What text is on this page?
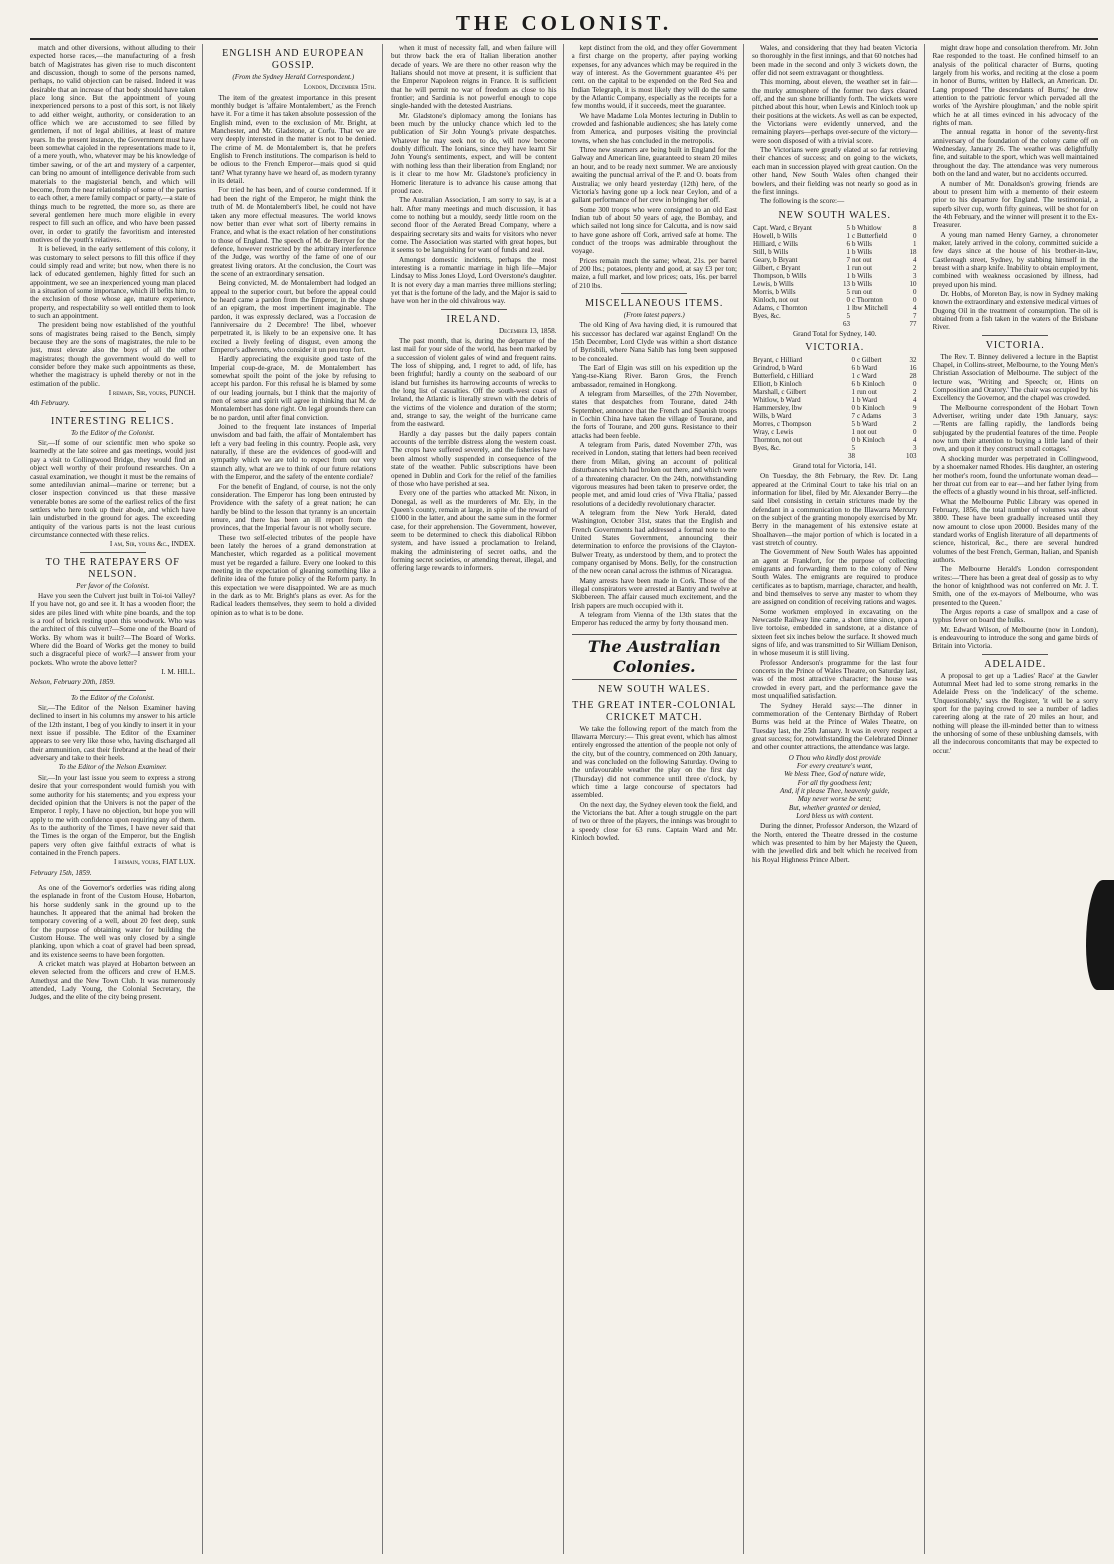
THE COLONIST.

match and other diversions, without alluding to their expected horse races,—the manufacturing of a fresh batch of Magistrates has given rise to much discontent and discussion, though to some of the persons named, perhaps, no valid objection can be raised. Indeed it was desirable that an increase of that body should have taken place long since. But the appointment of young inexperienced persons to a post of this sort, is not likely to add either weight, authority, or consideration to an office which we are accustomed to see filled by gentlemen, if not of legal abilities, at least of mature years. In the present instance, the Government must have been somewhat cajoled in the representations made to it, of a mere youth, who, whatever may be his knowledge of timber sawing, or of the art and mystery of a carpenter, can bring no amount of intelligence derivable from such materials to the magisterial bench, and which will become, from the near relationship of some of the parties to each other, a mere family compact or party,—a state of things much to be regretted, the more so, as there are several gentlemen here much more eligible in every respect to fill such an office, and who have been passed over, in order to gratify the favoritism and interested motives of the youth's relatives.

It is believed, in the early settlement of this colony, it was customary to select persons to fill this office if they could simply read and write; but now, when there is no lack of educated gentlemen, highly fitted for such an appointment, we see an inexperienced young man placed in a situation of some importance, which ill befits him, to the exclusion of those whose age, mature experience, property, and respectability so well entitled them to look to such an appointment.

The president being now established of the youthful sons of magistrates being raised to the Bench, simply because they are the sons of magistrates, the rule to be just, must elevate also the boys of all the other magistrates; though the government would do well to consider before they make such appointments as these, whether the magistracy is upheld thereby or not in the estimation of the public.

I remain, Sir, yours, PUNCH.
4th February.
INTERESTING RELICS.
To the Editor of the Colonist.

Sir,—If some of our scientific men who spoke so learnedly at the late soiree and gas meetings, would just pay a visit to Collingwood Bridge, they would find an object well worthy of their profound researches. On a casual examination, we thought it must be the remains of some antediluvian animal—marine or terrene; but a closer inspection convinced us that these massive venerable bones are some of the earliest relics of the first settlers who here took up their abode, and which have lain undisturbed in the ground for ages. The exceeding antiquity of the various parts is not the least curious circumstance connected with these relics.

I am, Sir, yours &c., INDEX.
TO THE RATEPAYERS OF NELSON.
Per favor of the Colonist.

Have you seen the Culvert just built in Toi-toi Valley? If you have not, go and see it. It has a wooden floor; the sides are piles lined with white pine boards, and the top is a roof of brick resting upon this woodwork. Who was the architect of this culvert?—Some one of the Board of Works. By whom was it built?—The Board of Works. Where did the Board of Works get the money to build such a disgraceful piece of work?—I answer from your pockets. Who wrote the above letter?

I. M. HILL.
Nelson, February 20th, 1859.
To the Editor of the Colonist.

Sir,—The Editor of the Nelson Examiner having declined to insert in his columns my answer to his article of the 12th instant, I beg of you kindly to insert it in your next issue if possible. The Editor of the Examiner appears to see very like those who, having discharged all their ammunition, cast their firebrand at the head of their adversary and take to their heels.

To the Editor of the Nelson Examiner.

Sir,—In your last issue you seem to express a strong desire that your correspondent would furnish you with some authority for his statements; and you express your decided opinion that the Univers is not the paper of the Emperor. I reply, I have no objection, but hope you will apply to me with confidence upon requiring any of them. As to the authority of the Times, I have never said that the Times is the organ of the Emperor, but the English papers very often give faithful extracts of what is contained in the French papers.

I remain, yours, FIAT LUX.
February 15th, 1859.

As one of the Governor's orderlies was riding along the esplanade in front of the Custom House, Hobarton, his horse suddenly sank in the ground up to the haunches. It appeared that the animal had broken the temporary covering of a well, about 20 feet deep, sunk for the purpose of obtaining water for building the Custom House. The well was only closed by a single planking, upon which a coat of gravel had been spread, and its existence seems to have been forgotten.

A cricket match was played at Hobarton between an eleven selected from the officers and crew of H.M.S. Amethyst and the New Town Club. It was numerously attended, Lady Young, the Colonial Secretary, the Judges, and the elite of the city being present.

ENGLISH AND EUROPEAN GOSSIP.
(From the Sydney Herald Correspondent.)
London, December 15th.

The item of the greatest importance in this present monthly budget is 'affaire Montalembert,' as the French have it. For a time it has taken absolute possession of the English mind, even to the exclusion of Mr. Bright, at Manchester, and Mr. Gladstone, at Corfu. That we are very deeply interested in the matter is not to be denied. The crime of M. de Montalembert is, that he prefers English to French institutions. The comparison is held to be odious to the French Emperor—mais quod si quid tant? What tyranny have we heard of, as modern tyranny in its detail.

For tried he has been, and of course condemned. If it had been the right of the Emperor, he might think the truth of M. de Montalembert's libel, he could not have taken any more effectual measures. The world knows now better than ever what sort of liberty remains in France, and what is the exact relation of her constitutions to those of England. The speech of M. de Berryer for the defence, however restricted by the arbitrary interference of the Judge, was worthy of the fame of one of our greatest living orators. At the conclusion, the Court was the scene of an extraordinary sensation.

Being convicted, M. de Montalembert had lodged an appeal to the superior court, but before the appeal could be heard came a pardon from the Emperor, in the shape of an epigram, the most impertinent imaginable. The pardon, it was expressly declared, was a l'occasion de l'anniversaire du 2 Decembre! The libel, whoever perpetrated it, is likely to be an expensive one. It has excited a lively feeling of disgust, even among the Emperor's adherents, who consider it un peu trop fort.

Hardly appreciating the exquisite good taste of the Imperial coup-de-grace, M. de Montalembert has somewhat spoilt the point of the joke by refusing to accept his pardon. For this refusal he is blamed by some of our leading journals, but I think that the majority of men of sense and spirit will agree in thinking that M. de Montalembert has done right. On legal grounds there can be no pardon, until after final conviction.

Joined to the frequent late instances of Imperial unwisdom and bad faith, the affair of Montalembert has left a very bad feeling in this country. People ask, very naturally, if these are the evidences of good-will and sympathy which we are told to expect from our very staunch ally, what are we to think of our future relations with the Emperor, and the safety of the entente cordiale?

For the benefit of England, of course, is not the only consideration. The Emperor has long been entrusted by Providence with the safety of a great nation; he can hardly be blind to the lesson that tyranny is an uncertain tenure, and there has been an ill report from the provinces, that the Imperial favour is not wholly secure.

These two self-elected tributes of the people have been lately the heroes of a grand demonstration at Manchester, which regarded as a political movement must yet be regarded a failure. Every one looked to this meeting in the expectation of gleaning something like a definite idea of the future policy of the Reform party. In this expectation we were disappointed. We are as much in the dark as to Mr. Bright's plans as ever. As for the Radical leaders themselves, they seem to hold a divided opinion as to what is to be done.

when it must of necessity fall, and when failure will but throw back the era of Italian liberation another decade of years. We are there no other reason why the Italians should not move at present, it is sufficient that the Emperor Napoleon reigns in France. It is sufficient that he will permit no war of freedom as close to his frontier; and Sardinia is not powerful enough to cope single-handed with the detested Austrians.

Mr. Gladstone's diplomacy among the Ionians has been much by the unlucky chance which led to the publication of Sir John Young's private despatches. Whatever he may seek not to do, will now become doubly difficult. The Ionians, since they have learnt Sir John Young's sentiments, expect, and will be content with nothing less than their liberation from England; nor is it clear to me how Mr. Gladstone's proficiency in Homeric literature is to advance his cause among that proud race.

The Australian Association, I am sorry to say, is at a halt. After many meetings and much discussion, it has come to nothing but a mouldy, seedy little room on the second floor of the Aerated Bread Company, where a despairing secretary sits and waits for visitors who never come. The Association was started with great hopes, but it seems to be languishing for want of funds and zeal.

Amongst domestic incidents, perhaps the most interesting is a romantic marriage in high life—Major Lindsay to Miss Jones Lloyd, Lord Overstone's daughter. It is not every day a man marries three millions sterling; yet that is the fortune of the lady, and the Major is said to have won her in the old chivalrous way.

IRELAND.
December 13, 1858.

The past month, that is, during the departure of the last mail for your side of the world, has been marked by a succession of violent gales of wind and frequent rains. The loss of shipping, and, I regret to add, of life, has been frightful; hardly a county on the seaboard of our island but furnishes its harrowing accounts of wrecks to the long list of casualties. Off the south-west coast of Ireland, the Atlantic is literally strewn with the debris of the victims of the violence and duration of the storm; and, strange to say, the weight of the hurricane came from the eastward.

Hardly a day passes but the daily papers contain accounts of the terrible distress along the western coast. The crops have suffered severely, and the fisheries have been almost wholly suspended in consequence of the state of the weather. Public subscriptions have been opened in Dublin and Cork for the relief of the families of those who have perished at sea.

Every one of the parties who attacked Mr. Nixon, in Donegal, as well as the murderers of Mr. Ely, in the Queen's county, remain at large, in spite of the reward of £1000 in the latter, and about the same sum in the former case, for their apprehension. The Government, however, seem to be determined to check this diabolical Ribbon system, and have issued a proclamation to Ireland, making the administering of secret oaths, and the forming secret societies, or attending thereat, illegal, and offering large rewards to informers.

kept distinct from the old, and they offer Government a first charge on the property, after paying working expenses, for any advances which may be required in the way of interest. As the Government guarantee 4½ per cent. on the capital to be expended on the Red Sea and Indian Telegraph, it is most likely they will do the same by the Atlantic Company, especially as the receipts for a few months would, if it succeeds, meet the guarantee.

We have Madame Lola Montes lecturing in Dublin to crowded and fashionable audiences; she has lately come from America, and purposes visiting the provincial towns, when she has concluded in the metropolis.

Three new steamers are being built in England for the Galway and American line, guaranteed to steam 20 miles an hour, and to be ready next summer. We are anxiously awaiting the punctual arrival of the P. and O. boats from Australia; we only heard yesterday (12th) here, of the Victoria's having gone up a lock near Ceylon, and of a gallant performance of her crew in bringing her off.

Some 300 troops who were consigned to an old East Indian tub of about 50 years of age, the Bombay, and which sailed not long since for Calcutta, and is now said to have gone ashore off Cork, arrived safe at home. The conduct of the troops was admirable throughout the voyage.

Prices remain much the same; wheat, 21s. per barrel of 200 lbs.; potatoes, plenty and good, at say £3 per ton; maize, a full market, and low prices; oats, 16s. per barrel of 210 lbs.

MISCELLANEOUS ITEMS.
(From latest papers.)

The old King of Ava having died, it is rumoured that his successor has declared war against England! On the 15th December, Lord Clyde was within a short distance of Byrisbili, where Nana Sahib has long been supposed to be concealed.

The Earl of Elgin was still on his expedition up the Yang-tse-Kiang River. Baron Gros, the French ambassador, remained in Hongkong.

A telegram from Marseilles, of the 27th November, states that despatches from Tourane, dated 24th September, announce that the French and Spanish troops in Cochin China have taken the village of Tourane, and the forts of Tourane, and 200 guns. Resistance to their attacks had been feeble.

A telegram from Paris, dated November 27th, was received in London, stating that letters had been received there from Milan, giving an account of political disturbances which had broken out there, and which were of a threatening character. On the 24th, notwithstanding vigorous measures had been taken to preserve order, the people met, and amid loud cries of 'Viva l'Italia,' passed resolutions of a decidedly revolutionary character.

A telegram from the New York Herald, dated Washington, October 31st, states that the English and French Governments had addressed a formal note to the United States Government, announcing their determination to enforce the provisions of the Clayton-Bulwer Treaty, as understood by them, and to protect the company organised by Mons. Belly, for the construction of the new ocean canal across the isthmus of Nicaragua.

Many arrests have been made in Cork. Those of the illegal conspirators were arrested at Bantry and twelve at Skibbereen. The affair caused much excitement, and the Irish papers are much occupied with it.

A telegram from Vienna of the 13th states that the Emperor has reduced the army by forty thousand men.

The Australian Colonies.
NEW SOUTH WALES.
THE GREAT INTER-COLONIAL CRICKET MATCH.

We take the following report of the match from the Illawarra Mercury:— This great event, which has almost entirely engrossed the attention of the people not only of the city, but of the country, commenced on 20th January, and was concluded on the following Saturday. Owing to the unfavourable weather the play on the first day (Thursday) did not commence until three o'clock, by which time a large concourse of spectators had assembled.

On the next day, the Sydney eleven took the field, and the Victorians the bat. After a tough struggle on the part of two or three of the players, the innings was brought to a speedy close for 63 runs. Captain Ward and Mr. Kinloch bowled.

Wales, and considering that they had beaten Victoria so thoroughly in the first innings, and that 60 notches had been made in the second and only 3 wickets down, the offer did not seem extravagant or thoughtless.

This morning, about eleven, the weather set in fair—the murky atmosphere of the former two days cleared off, and the sun shone brilliantly forth. The wickets were pitched about this hour, when Lewis and Kinloch took up their positions at the wickets. As well as can be expected, the Victorians were evidently unnerved, and the remaining players—perhaps over-secure of the victory—were soon disposed of with a trivial score.

The Victorians were greatly elated at so far retrieving their chances of success; and on going to the wickets, each man in succession played with great caution. On the other hand, New South Wales often changed their bowlers, and their fielding was not nearly so good as in the first innings.

The following is the score:—

NEW SOUTH WALES.
Capt. Ward, c Bryant	5	b Whitlow	8
Howell, b Wills	1	c Butterfield	0
Hilliard, c Wills	6	b Wills	1
Still, b Wills	1	b Wills	18
Geary, b Bryant	7	not out	4
Gilbert, c Bryant	1	run out	2
Thompson, b Wills	1	b Wills	3
Lewis, b Wills	13	b Wills	10
Morris, b Wills	5	run out	0
Kinloch, not out	0	c Thornton	0
Adams, c Thornton	1	lbw Mitchell	4
Byes, &c.	5		7
	63		77
Grand Total for Sydney, 140.
VICTORIA.
Bryant, c Hilliard	0	c Gilbert	32
Grindrod, b Ward	6	b Ward	16
Butterfield, c Hilliard	1	c Ward	28
Elliott, b Kinloch	6	b Kinloch	0
Marshall, c Gilbert	1	run out	2
Whitlow, b Ward	1	b Ward	4
Hammersley, lbw	0	b Kinloch	9
Wills, b Ward	7	c Adams	3
Morres, c Thompson	5	b Ward	2
Wray, c Lewis	1	not out	0
Thornton, not out	0	b Kinloch	4
Byes, &c.	5		3
	38		103
Grand total for Victoria, 141.

On Tuesday, the 8th February, the Rev. Dr. Lang appeared at the Criminal Court to take his trial on an information for libel, filed by Mr. Alexander Berry—the said libel consisting in certain strictures made by the defendant in a communication to the Illawarra Mercury on the subject of the granting monopoly exercised by Mr. Berry in the management of his extensive estate at Shoalhaven—the major portion of which is located in a vast stretch of country.

The Government of New South Wales has appointed an agent at Frankfort, for the purpose of collecting emigrants and forwarding them to the colony of New South Wales. The emigrants are required to produce certificates as to baptism, marriage, character, and health, and bind themselves to serve any master to whom they are assigned on condition of receiving rations and wages.

Some workmen employed in excavating on the Newcastle Railway line came, a short time since, upon a live tortoise, embedded in sandstone, at a distance of sixteen feet six inches below the surface. It showed much signs of life, and was transmitted to Sir William Denison, in whose museum it is still living.

Professor Anderson's programme for the last four concerts in the Prince of Wales Theatre, on Saturday last, was of the most attractive character; the house was crowded in every part, and the performance gave the most unqualified satisfaction.

The Sydney Herald says:—The dinner in commemoration of the Centenary Birthday of Robert Burns was held at the Prince of Wales Theatre, on Tuesday last, the 25th January. It was in every respect a great success; for, notwithstanding the Celebrated Dinner and other counter attractions, the attendance was large.

O Thou who kindly dost provide
For every creature's want,
We bless Thee, God of nature wide,
For all thy goodness lent;
And, if it please Thee, heavenly guide,
May never worse be sent;
But, whether granted or denied,
Lord bless us with content.

During the dinner, Professor Anderson, the Wizard of the North, entered the Theatre dressed in the costume which was presented to him by her Majesty the Queen, with the jewelled dirk and belt which he received from his Royal Highness Prince Albert.

might draw hope and consolation therefrom. Mr. John Rae responded to the toast. He confined himself to an analysis of the political character of Burns, quoting largely from his works, and reciting at the close a poem in honor of Burns, written by Halleck, an American. Dr. Lang proposed 'The descendants of Burns;' he drew attention to the patriotic fervor which pervaded all the works of 'the Ayrshire ploughman,' and the noble spirit which he at all times evinced in his advocacy of the rights of man.

The annual regatta in honor of the seventy-first anniversary of the foundation of the colony came off on Wednesday, January 26. The weather was delightfully fine, and suitable to the sport, which was well maintained throughout the day. The attendance was very numerous both on the land and water, but no accidents occurred.

A number of Mr. Donaldson's growing friends are about to present him with a memento of their esteem prior to his departure for England. The testimonial, a superb silver cup, worth fifty guineas, will be shot for on the 4th February, and the winner will present it to the Ex-Treasurer.

A young man named Henry Garney, a chronometer maker, lately arrived in the colony, committed suicide a few days since at the house of his brother-in-law, Castlereagh street, Sydney, by stabbing himself in the breast with a sharp knife. Inability to obtain employment, combined with weakness occasioned by illness, had preyed upon his mind.

Dr. Hobbs, of Moreton Bay, is now in Sydney making known the extraordinary and extensive medical virtues of Dugong Oil in the treatment of consumption. The oil is obtained from a fish taken in the waters of the Brisbane River.

VICTORIA.

The Rev. T. Binney delivered a lecture in the Baptist Chapel, in Collins-street, Melbourne, to the Young Men's Christian Association of Melbourne. The subject of the lecture was, 'Writing and Speech; or, Hints on Composition and Oratory.' The chair was occupied by his Excellency the Governor, and the chapel was crowded.

The Melbourne correspondent of the Hobart Town Advertiser, writing under date 19th January, says:—'Rents are falling rapidly, the landlords being subjugated by the prudential features of the time. People now turn their attention to buying a little land of their own, and upon it they construct small cottages.'

A shocking murder was perpetrated in Collingwood, by a shoemaker named Rhodes. His daughter, an ostering her mother's room, found the unfortunate woman dead—her throat cut from ear to ear—and her father lying from the effects of a ghastly wound in his throat, self-inflicted.

What the Melbourne Public Library was opened in February, 1856, the total number of volumes was about 3800. These have been gradually increased until they now amount to close upon 20000. Besides many of the standard works of English literature of all departments of science, historical, &c., there are several hundred volumes of the best French, German, Italian, and Spanish authors.

The Melbourne Herald's London correspondent writes:—'There has been a great deal of gossip as to why the honor of knighthood was not conferred on Mr. J. T. Smith, one of the ex-mayors of Melbourne, who was presented to the Queen.'

The Argus reports a case of smallpox and a case of typhus fever on board the hulks.

Mr. Edward Wilson, of Melbourne (now in London), is endeavouring to introduce the song and game birds of Britain into Victoria.

ADELAIDE.

A proposal to get up a 'Ladies' Race' at the Gawler Autumnal Meet had led to some strong remarks in the Adelaide Press on the 'indelicacy' of the scheme. 'Unquestionably,' says the Register, 'it will be a sorry sport for the paying crowd to see a number of ladies careering along at the rate of 20 miles an hour, and nothing will please the ill-minded better than to witness the unhorsing of some of these unblushing damsels, with all the indecorous concomitants that may be expected to occur.'
